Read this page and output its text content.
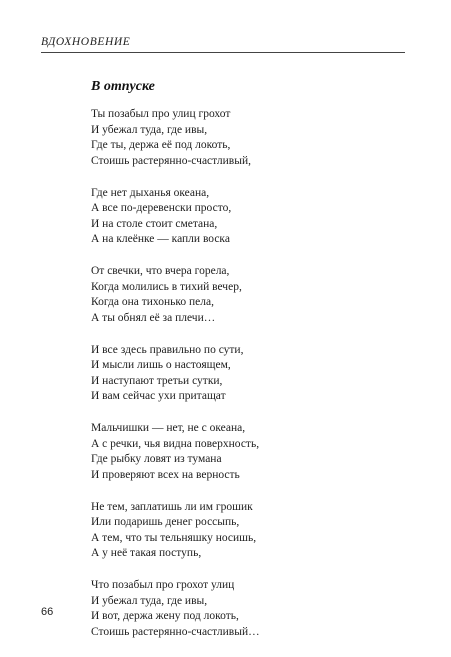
ВДОХНОВЕНИЕ
В отпуске
Ты позабыл про улиц грохот
И убежал туда, где ивы,
Где ты, держа её под локоть,
Стоишь растерянно-счастливый,
Где нет дыханья океана,
А все по-деревенски просто,
И на столе стоит сметана,
А на клеёнке — капли воска
От свечки, что вчера горела,
Когда молились в тихий вечер,
Когда она тихонько пела,
А ты обнял её за плечи…
И все здесь правильно по сути,
И мысли лишь о настоящем,
И наступают третьи сутки,
И вам сейчас ухи притащат
Мальчишки — нет, не с океана,
А с речки, чья видна поверхность,
Где рыбку ловят из тумана
И проверяют всех на верность
Не тем, заплатишь ли им грошик
Или подаришь денег россыпь,
А тем, что ты тельняшку носишь,
А у неё такая поступь,
Что позабыл про грохот улиц
И убежал туда, где ивы,
И вот, держа жену под локоть,
Стоишь растерянно-счастливый…
66
